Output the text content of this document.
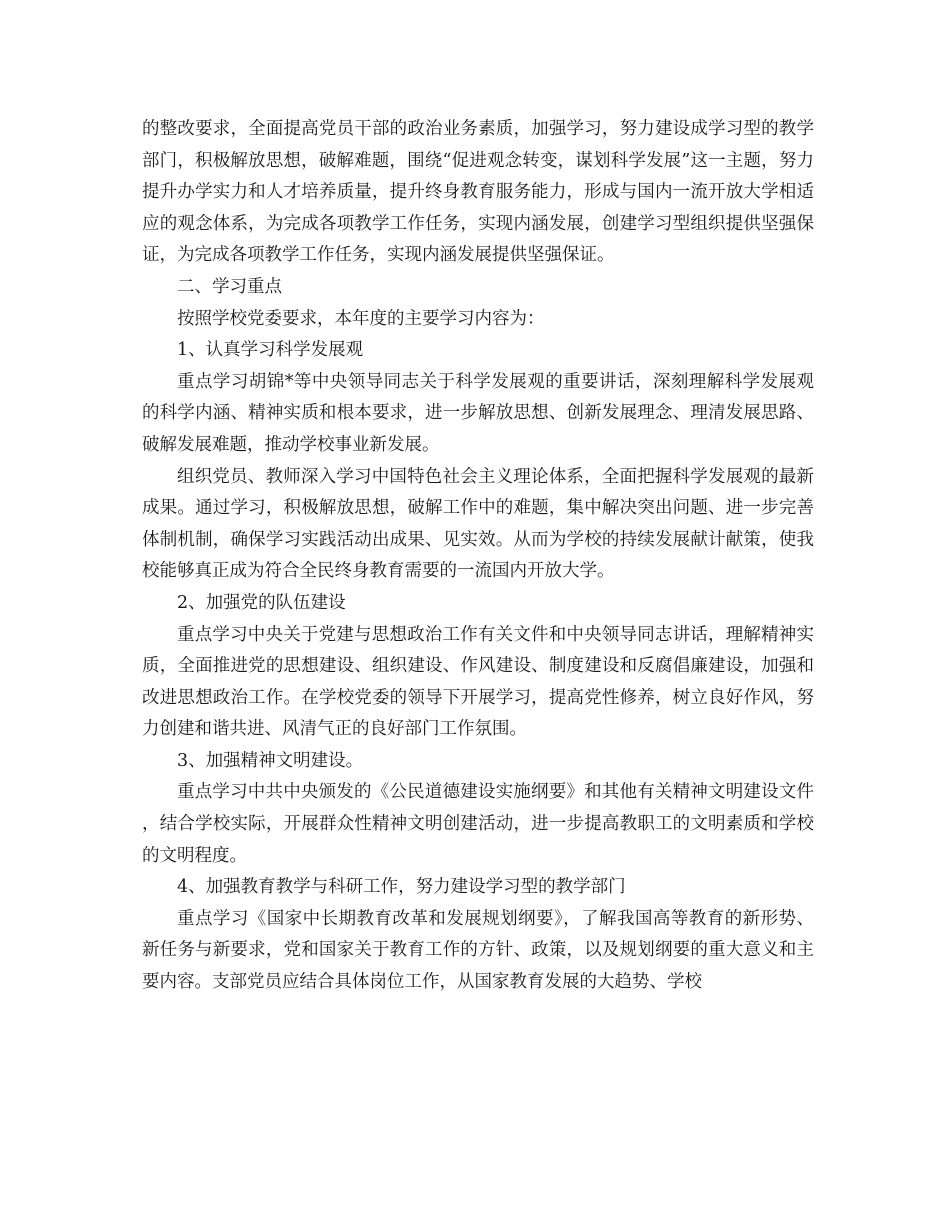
的整改要求，全面提高党员干部的政治业务素质，加强学习，努力建设成学习型的教学部门，积极解放思想，破解难题，围绕“促进观念转变，谋划科学发展”这一主题，努力提升办学实力和人才培养质量，提升终身教育服务能力，形成与国内一流开放大学相适应的观念体系，为完成各项教学工作任务，实现内涵发展，创建学习型组织提供坚强保证，为完成各项教学工作任务，实现内涵发展提供坚强保证。

二、学习重点

按照学校党委要求，本年度的主要学习内容为：

1、认真学习科学发展观

重点学习胡锦*等中央领导同志关于科学发展观的重要讲话，深刻理解科学发展观的科学内涵、精神实质和根本要求，进一步解放思想、创新发展理念、理清发展思路、破解发展难题，推动学校事业新发展。

组织党员、教师深入学习中国特色社会主义理论体系，全面把握科学发展观的最新成果。通过学习，积极解放思想，破解工作中的难题，集中解决突出问题、进一步完善体制机制，确保学习实践活动出成果、见实效。从而为学校的持续发展献计献策，使我校能够真正成为符合全民终身教育需要的一流国内开放大学。

2、加强党的队伍建设

重点学习中央关于党建与思想政治工作有关文件和中央领导同志讲话，理解精神实质，全面推进党的思想建设、组织建设、作风建设、制度建设和反腐倡廉建设，加强和改进思想政治工作。在学校党委的领导下开展学习，提高党性修养，树立良好作风，努力创建和谐共进、风清气正的良好部门工作氛围。

3、加强精神文明建设。

重点学习中共中央颁发的《公民道德建设实施纲要》和其他有关精神文明建设文件，结合学校实际，开展群众性精神文明创建活动，进一步提高教职工的文明素质和学校的文明程度。

4、加强教育教学与科研工作，努力建设学习型的教学部门

重点学习《国家中长期教育改革和发展规划纲要》，了解我国高等教育的新形势、新任务与新要求，党和国家关于教育工作的方针、政策，以及规划纲要的重大意义和主要内容。支部党员应结合具体岗位工作，从国家教育发展的大趋势、学校
